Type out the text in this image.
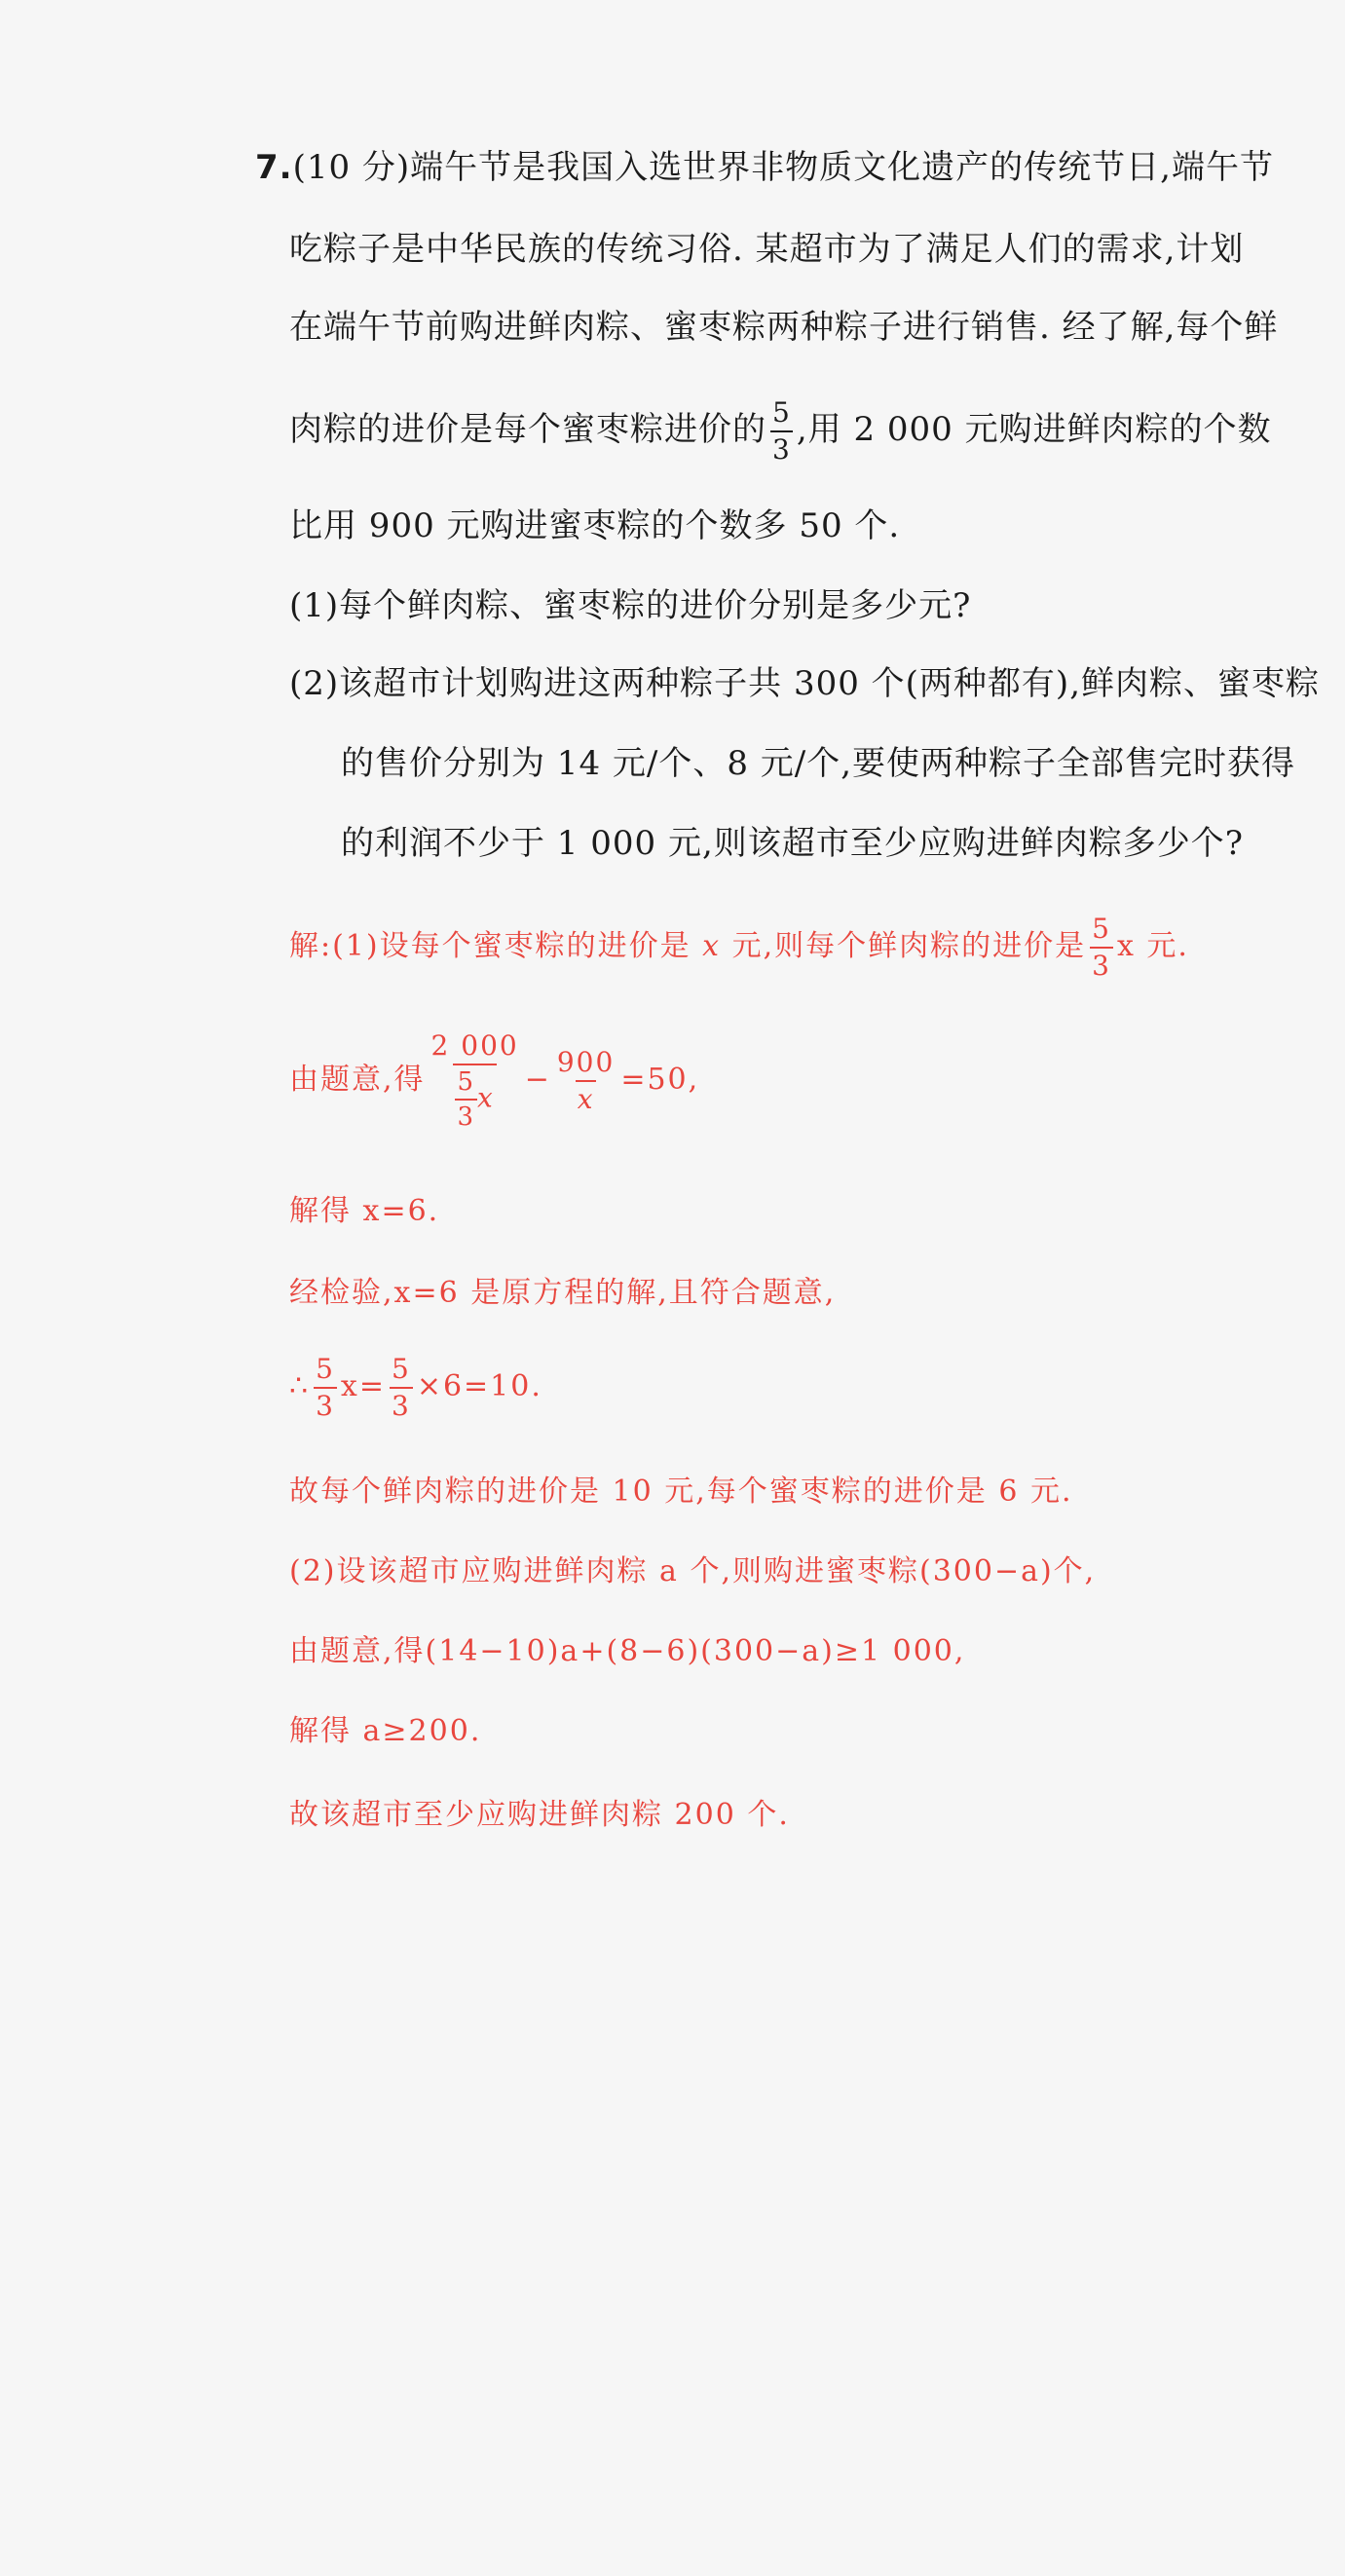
7.(10 分)端午节是我国入选世界非物质文化遗产的传统节日,端午节
吃粽子是中华民族的传统习俗. 某超市为了满足人们的需求,计划
在端午节前购进鲜肉粽、蜜枣粽两种粽子进行销售. 经了解,每个鲜
肉粽的进价是每个蜜枣粽进价的 $\frac{5}{3}$ ,用 2 000 元购进鲜肉粽的个数
比用 900 元购进蜜枣粽的个数多 50 个.
(1)每个鲜肉粽、蜜枣粽的进价分别是多少元?
(2)该超市计划购进这两种粽子共 300 个(两种都有),鲜肉粽、蜜枣粽
的售价分别为 14 元/个、8 元/个,要使两种粽子全部售完时获得
的利润不少于 1 000 元,则该超市至少应购进鲜肉粽多少个?
解:(1)设每个蜜枣粽的进价是 x 元,则每个鲜肉粽的进价是 $\frac{5}{3}$ x 元.
由题意,得 $\frac{2 000}{\frac{5}{3} x} - \frac{900}{x} =50$,
解得 x=6.
经检验,x=6 是原方程的解,且符合题意,
∴ $\frac{5}{3} x= \frac{5}{3} \times 6=10$.
故每个鲜肉粽的进价是 10 元,每个蜜枣粽的进价是 6 元.
(2)设该超市应购进鲜肉粽 a 个,则购进蜜枣粽(300−a)个,
由题意,得(14−10)a+(8−6)(300−a)≥1 000,
解得 a≥200.
故该超市至少应购进鲜肉粽 200 个.
